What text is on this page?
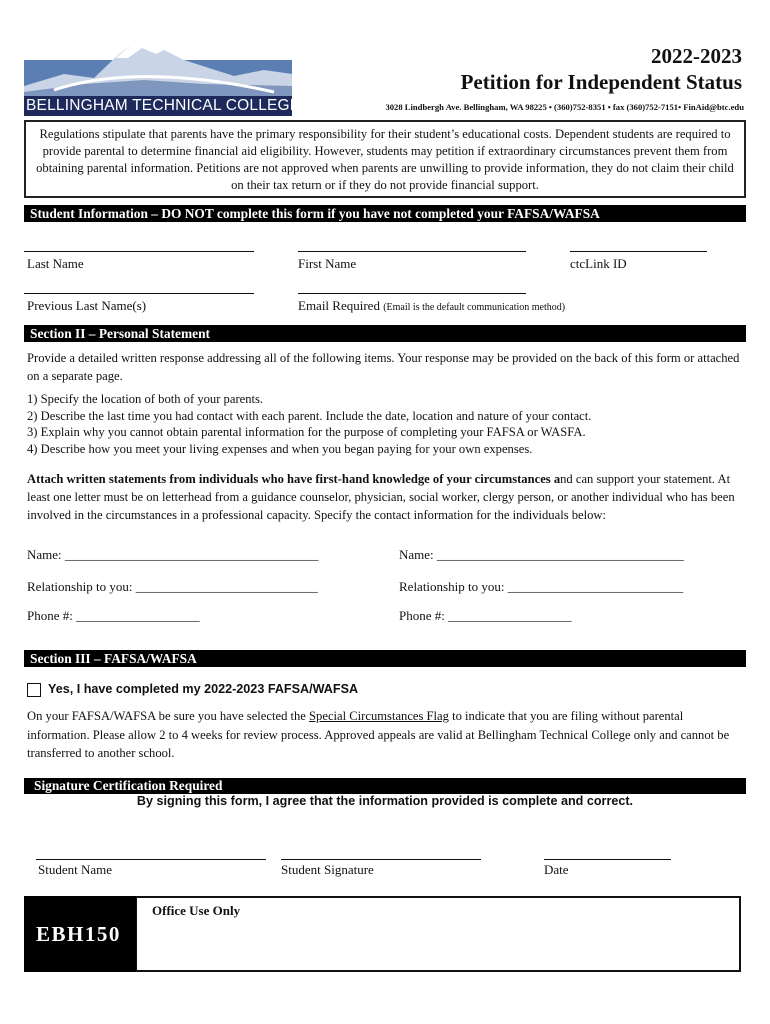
BELLINGHAM TECHNICAL COLLEGE
2022-2023
Petition for Independent Status
3028 Lindbergh Ave. Bellingham, WA 98225 • (360)752-8351 • fax (360)752-7151• FinAid@btc.edu
Regulations stipulate that parents have the primary responsibility for their student’s educational costs. Dependent students are required to provide parental to determine financial aid eligibility. However, students may petition if extraordinary circumstances prevent them from obtaining parental information. Petitions are not approved when parents are unwilling to provide information, they do not claim their child on their tax return or if they do not provide financial support.
Student Information – DO NOT complete this form if you have not completed your FAFSA/WAFSA
Last Name	First Name	ctcLink ID
Previous Last Name(s)	Email Required (Email is the default communication method)
Section II – Personal Statement
Provide a detailed written response addressing all of the following items. Your response may be provided on the back of this form or attached on a separate page.
1) Specify the location of both of your parents.
2) Describe the last time you had contact with each parent. Include the date, location and nature of your contact.
3) Explain why you cannot obtain parental information for the purpose of completing your FAFSA or WASFA.
4) Describe how you meet your living expenses and when you began paying for your own expenses.
Attach written statements from individuals who have first-hand knowledge of your circumstances and can support your statement. At least one letter must be on letterhead from a guidance counselor, physician, social worker, clergy person, or another individual who has been involved in the circumstances in a professional capacity. Specify the contact information for the individuals below:
Name: _______________________________________	Name: ______________________________________
Relationship to you: ____________________________	Relationship to you: ___________________________
Phone #: ___________________	Phone #: ___________________
Section III – FAFSA/WAFSA
Yes, I have completed my 2022-2023 FAFSA/WAFSA
On your FAFSA/WAFSA be sure you have selected the Special Circumstances Flag to indicate that you are filing without parental information. Please allow 2 to 4 weeks for review process. Approved appeals are valid at Bellingham Technical College only and cannot be transferred to another school.
Signature Certification Required
By signing this form, I agree that the information provided is complete and correct.
Student Name	Student Signature	Date
Office Use Only
EBH150
